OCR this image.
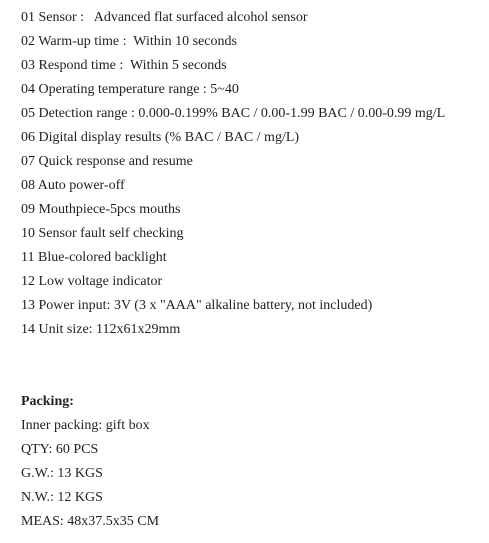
01 Sensor :   Advanced flat surfaced alcohol sensor
02 Warm-up time :  Within 10 seconds
03 Respond time :  Within 5 seconds
04 Operating temperature range : 5~40
05 Detection range : 0.000-0.199% BAC / 0.00-1.99 BAC / 0.00-0.99 mg/L
06 Digital display results (% BAC / BAC / mg/L)
07 Quick response and resume
08 Auto power-off
09 Mouthpiece-5pcs mouths
10 Sensor fault self checking
11 Blue-colored backlight
12 Low voltage indicator
13 Power input: 3V (3 x "AAA" alkaline battery, not included)
14 Unit size: 112x61x29mm
Packing:
Inner packing: gift box
QTY: 60 PCS
G.W.: 13 KGS
N.W.: 12 KGS
MEAS: 48x37.5x35 CM
